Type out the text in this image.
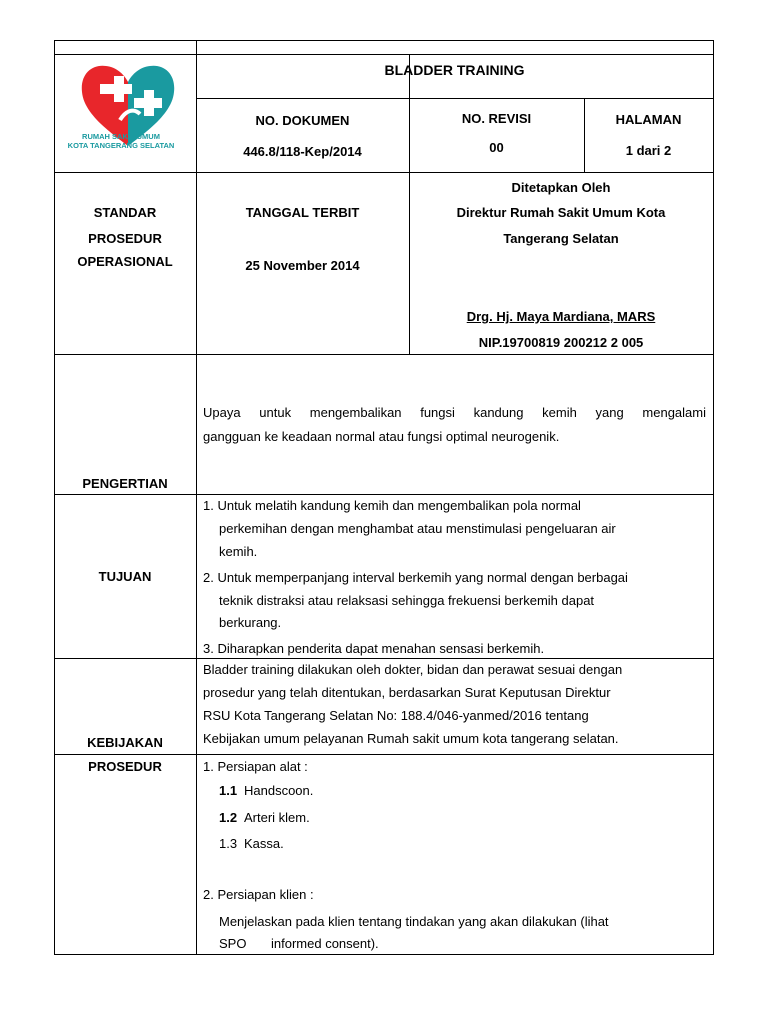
RUMAH SAKIT UMUM
KOTA TANGERANG SELATAN
BLADDER TRAINING
NO. DOKUMEN
446.8/118-Kep/2014
NO. REVISI
00
HALAMAN
1 dari 2
STANDAR
PROSEDUR
OPERASIONAL
TANGGAL TERBIT
25 November 2014
Ditetapkan Oleh
Direktur Rumah Sakit Umum Kota
Tangerang Selatan
Drg. Hj. Maya Mardiana, MARS
NIP.19700819 200212 2 005
PENGERTIAN
Upaya untuk mengembalikan fungsi kandung kemih yang mengalami
gangguan ke keadaan normal atau fungsi optimal neurogenik.
TUJUAN
1. Untuk melatih kandung kemih dan mengembalikan pola normal
perkemihan dengan menghambat atau menstimulasi pengeluaran air
kemih.
2. Untuk memperpanjang interval berkemih yang normal dengan berbagai
teknik distraksi atau relaksasi sehingga frekuensi berkemih dapat
berkurang.
3. Diharapkan penderita dapat menahan sensasi berkemih.
KEBIJAKAN
Bladder training dilakukan oleh dokter, bidan dan perawat sesuai dengan
prosedur yang telah ditentukan, berdasarkan Surat Keputusan Direktur
RSU Kota Tangerang Selatan No: 188.4/046-yanmed/2016 tentang
Kebijakan umum pelayanan Rumah sakit umum kota tangerang selatan.
PROSEDUR	1. Persiapan alat :
1.1 Handscoon.
1.2 Arteri klem.
1.3 Kassa.
2. Persiapan klien :
Menjelaskan pada klien tentang tindakan yang akan dilakukan (lihat
SPO informed consent).
